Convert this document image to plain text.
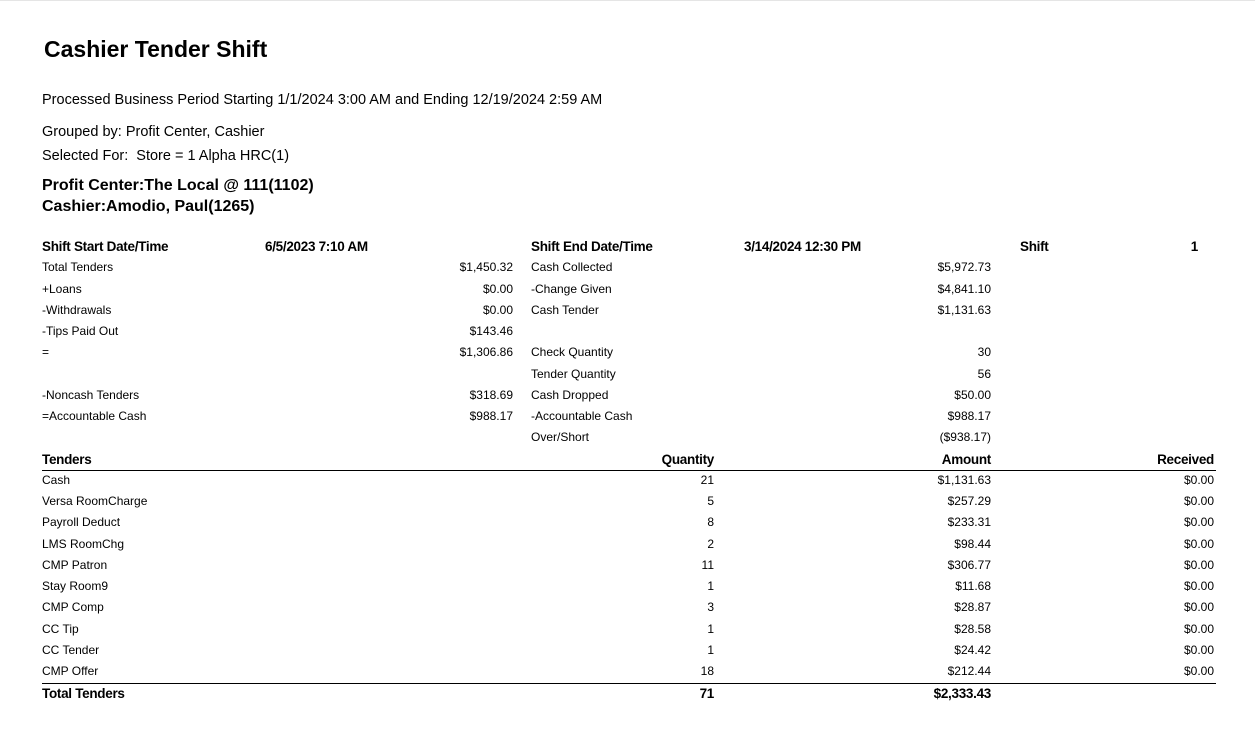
Cashier Tender Shift
Processed Business Period Starting 1/1/2024 3:00 AM and Ending 12/19/2024 2:59 AM
Grouped by: Profit Center, Cashier
Selected For:  Store = 1 Alpha HRC(1)
Profit Center:The Local @ 111(1102)
Cashier:Amodio, Paul(1265)
Shift Start Date/Time	6/5/2023 7:10 AM	Shift End Date/Time	3/14/2024 12:30 PM	Shift	1
Total Tenders	$1,450.32
+Loans	$0.00
-Withdrawals	$0.00
-Tips Paid Out	$143.46
=	$1,306.86
-Noncash Tenders	$318.69
=Accountable Cash	$988.17
Cash Collected	$5,972.73
-Change Given	$4,841.10
Cash Tender	$1,131.63
Check Quantity	30
Tender Quantity	56
Cash Dropped	$50.00
-Accountable Cash	$988.17
Over/Short	($938.17)
Tenders	Quantity	Amount	Received
Cash	21	$1,131.63	$0.00
Versa RoomCharge	5	$257.29	$0.00
Payroll Deduct	8	$233.31	$0.00
LMS RoomChg	2	$98.44	$0.00
CMP Patron	11	$306.77	$0.00
Stay Room9	1	$11.68	$0.00
CMP Comp	3	$28.87	$0.00
CC Tip	1	$28.58	$0.00
CC Tender	1	$24.42	$0.00
CMP Offer	18	$212.44	$0.00
Total Tenders	71	$2,333.43
